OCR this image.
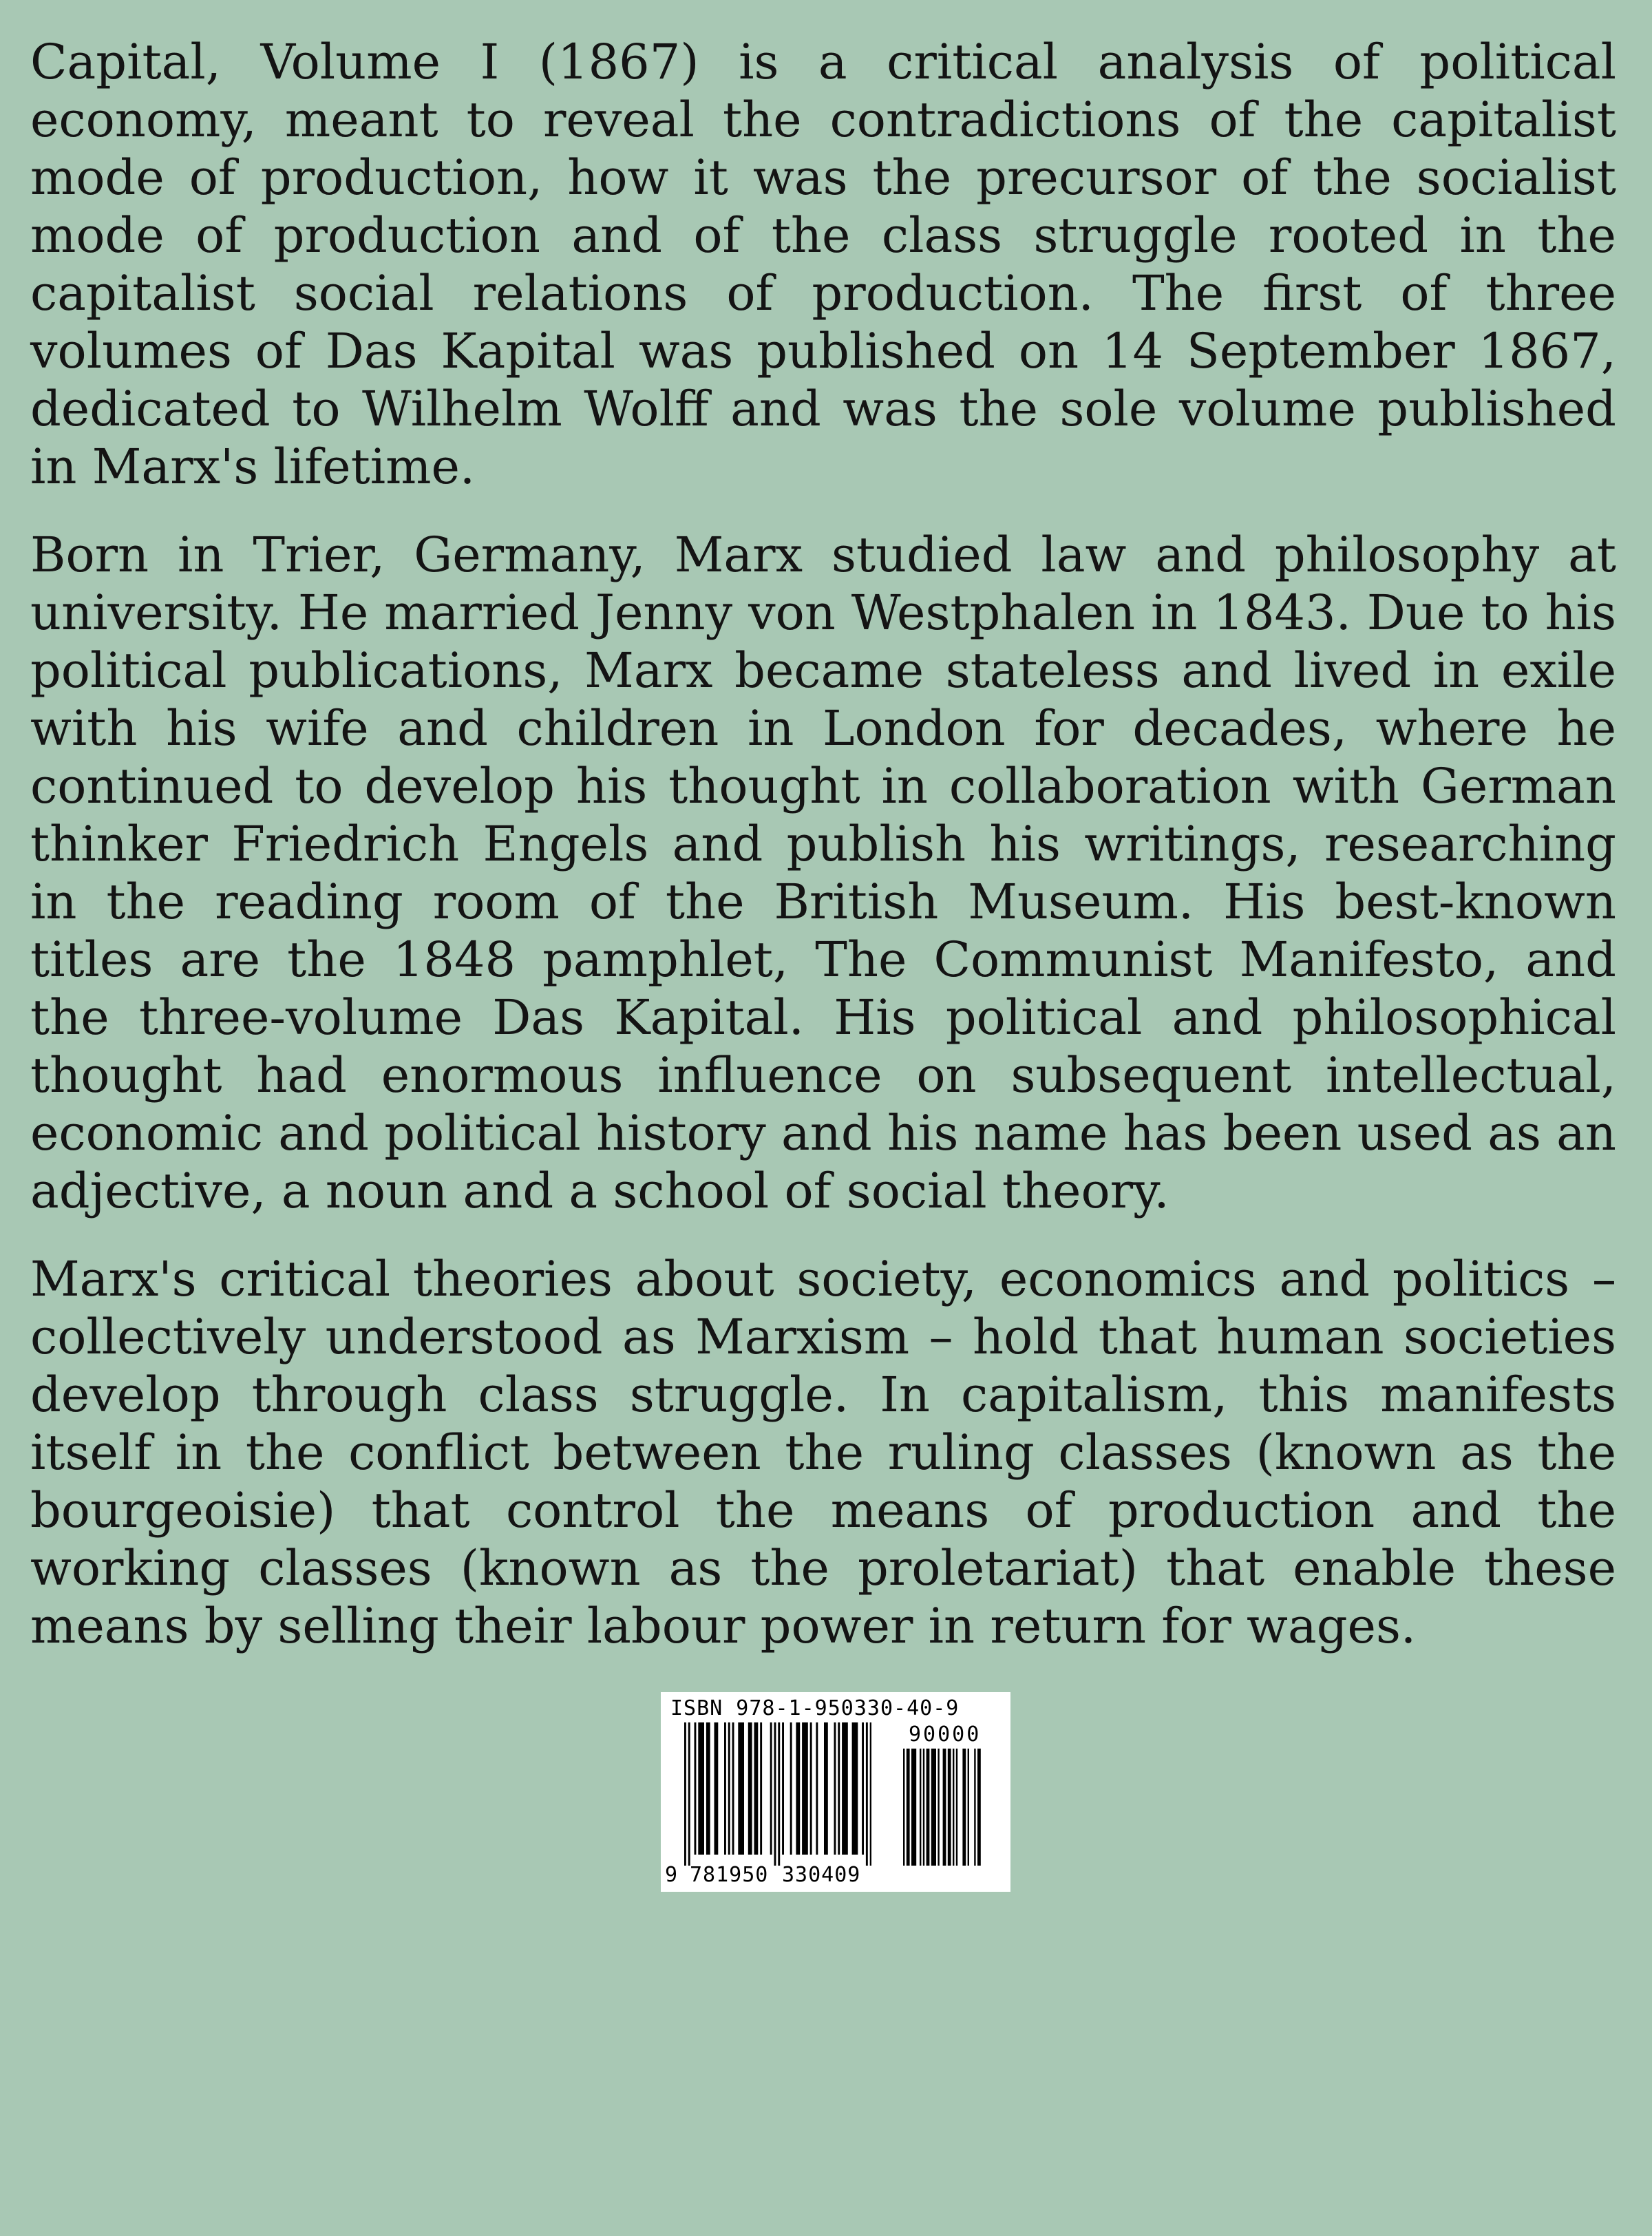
Capital, Volume I (1867) is a critical analysis of political economy, meant to reveal the contradictions of the capitalist mode of production, how it was the precursor of the socialist mode of production and of the class struggle rooted in the capitalist social relations of production. The first of three volumes of Das Kapital was published on 14 September 1867, dedicated to Wilhelm Wolff and was the sole volume published in Marx's lifetime.

Born in Trier, Germany, Marx studied law and philosophy at university. He married Jenny von Westphalen in 1843. Due to his political publications, Marx became stateless and lived in exile with his wife and children in London for decades, where he continued to develop his thought in collaboration with German thinker Friedrich Engels and publish his writings, researching in the reading room of the British Museum. His best-known titles are the 1848 pamphlet, The Communist Manifesto, and the three-volume Das Kapital. His political and philosophical thought had enormous influence on subsequent intellectual, economic and political history and his name has been used as an adjective, a noun and a school of social theory.

Marx's critical theories about society, economics and politics – collectively understood as Marxism – hold that human societies develop through class struggle. In capitalism, this manifests itself in the conflict between the ruling classes (known as the bourgeoisie) that control the means of production and the working classes (known as the proletariat) that enable these means by selling their labour power in return for wages.

ISBN 978-1-950330-40-9
90000
9 781950 330409
